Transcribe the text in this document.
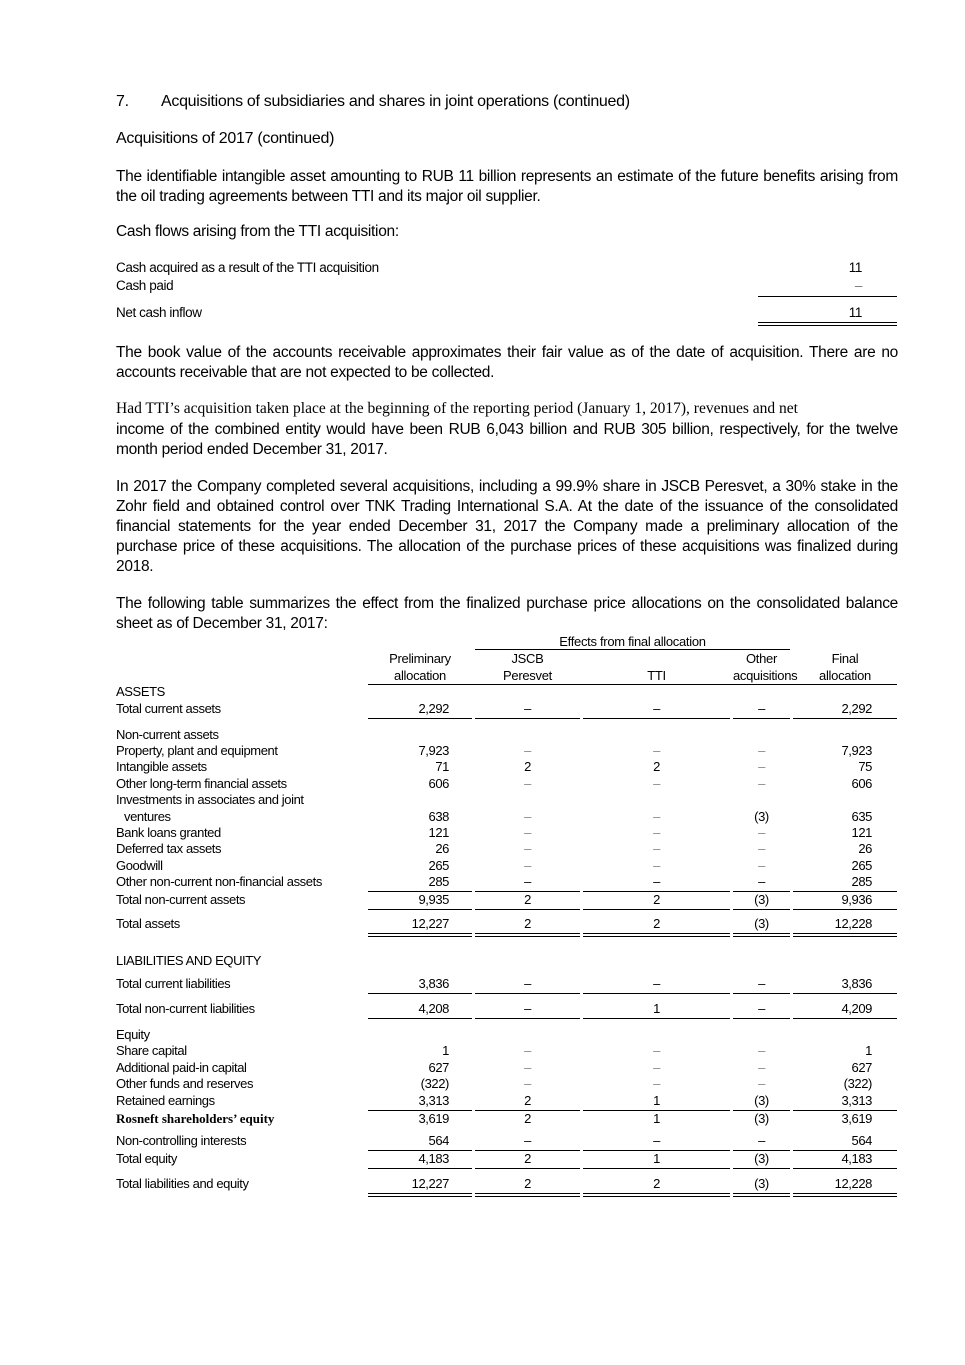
7. Acquisitions of subsidiaries and shares in joint operations (continued)
Acquisitions of 2017 (continued)
The identifiable intangible asset amounting to RUB 11 billion represents an estimate of the future benefits arising from the oil trading agreements between TTI and its major oil supplier.
Cash flows arising from the TTI acquisition:
Cash acquired as a result of the TTI acquisition	11
Cash paid	–
Net cash inflow	11
The book value of the accounts receivable approximates their fair value as of the date of acquisition. There are no accounts receivable that are not expected to be collected.
Had TTI’s acquisition taken place at the beginning of the reporting period (January 1, 2017), revenues and net
income of the combined entity would have been RUB 6,043 billion and RUB 305 billion, respectively, for the twelve month period ended December 31, 2017.
In 2017 the Company completed several acquisitions, including a 99.9% share in JSCB Peresvet, a 30% stake in the Zohr field and obtained control over TNK Trading International S.A. At the date of the issuance of the consolidated financial statements for the year ended December 31, 2017 the Company made a preliminary allocation of the purchase price of these acquisitions. The allocation of the purchase prices of these acquisitions was finalized during 2018.
The following table summarizes the effect from the finalized purchase price allocations on the consolidated balance sheet as of December 31, 2017:
Effects from final allocation
Preliminary
allocation
JSCB
Peresvet	TTI
Other
acquisitions
Final
allocation
ASSETS
Total current assets	2,292	–	–	–	2,292
Non-current assets
Property, plant and equipment	7,923	–	–	–	7,923
Intangible assets	71	2	2	–	75
Other long-term financial assets	606	–	–	–	606
Investments in associates and joint
ventures	638	–	–	(3)	635
Bank loans granted	121	–	–	–	121
Deferred tax assets	26	–	–	–	26
Goodwill	265	–	–	–	265
Other non-current non-financial assets	285	–	–	–	285
Total non-current assets	9,935	2	2	(3)	9,936
Total assets	12,227	2	2	(3)	12,228
LIABILITIES AND EQUITY
Total current liabilities	3,836	–	–	–	3,836
Total non-current liabilities	4,208	–	1	–	4,209
Equity
Share capital	1	–	–	–	1
Additional paid-in capital	627	–	–	–	627
Other funds and reserves	(322)	–	–	–	(322)
Retained earnings	3,313	2	1	(3)	3,313
Rosneft shareholders’ equity	3,619	2	1	(3)	3,619
Non-controlling interests	564	–	–	–	564
Total equity	4,183	2	1	(3)	4,183
Total liabilities and equity	12,227	2	2	(3)	12,228
